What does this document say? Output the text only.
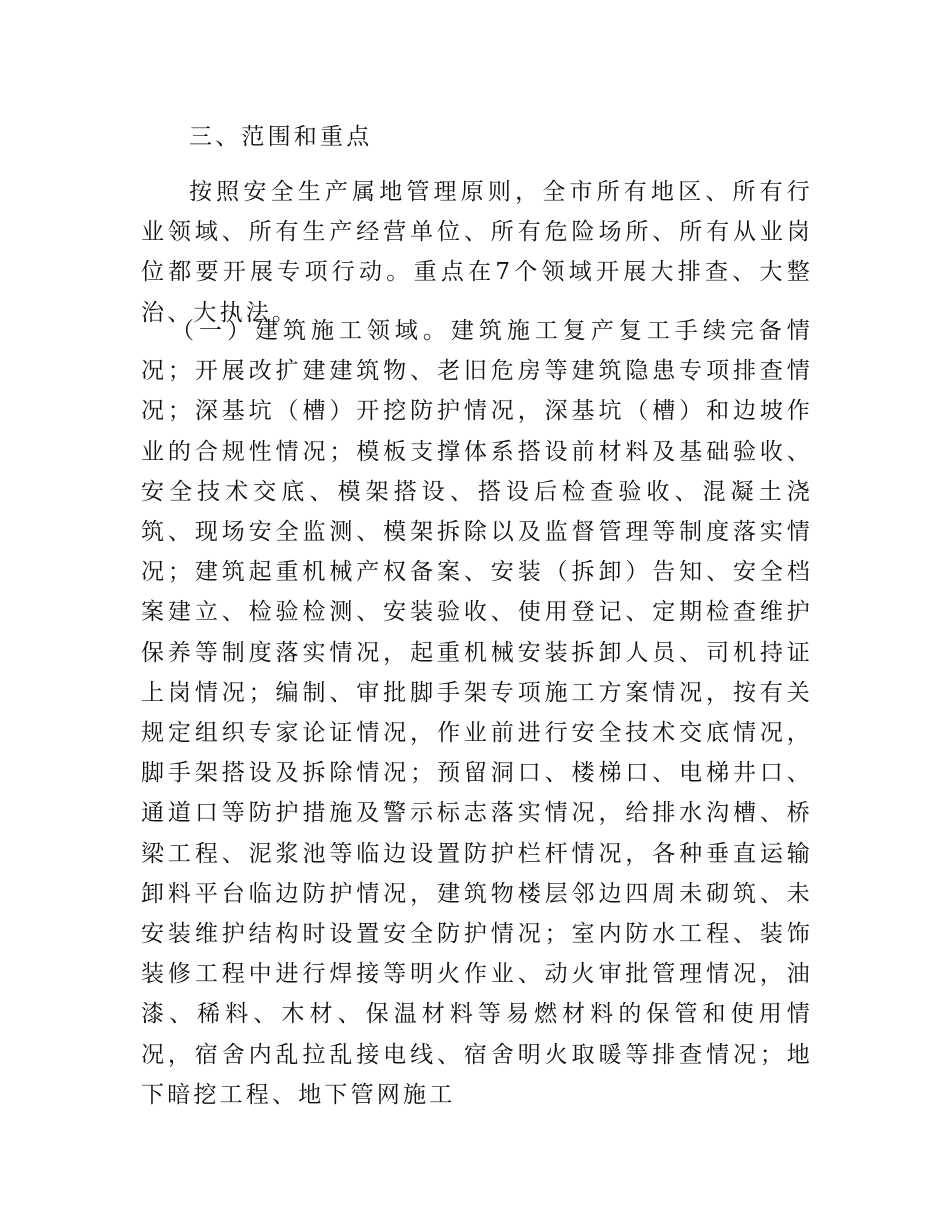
三、范围和重点

按照安全生产属地管理原则，全市所有地区、所有行业领域、所有生产经营单位、所有危险场所、所有从业岗位都要开展专项行动。重点在7个领域开展大排查、大整治、大执法。

（一）建筑施工领域。建筑施工复产复工手续完备情况；开展改扩建建筑物、老旧危房等建筑隐患专项排查情况；深基坑（槽）开挖防护情况，深基坑（槽）和边坡作业的合规性情况；模板支撑体系搭设前材料及基础验收、安全技术交底、模架搭设、搭设后检查验收、混凝土浇筑、现场安全监测、模架拆除以及监督管理等制度落实情况；建筑起重机械产权备案、安装（拆卸）告知、安全档案建立、检验检测、安装验收、使用登记、定期检查维护保养等制度落实情况，起重机械安装拆卸人员、司机持证上岗情况；编制、审批脚手架专项施工方案情况，按有关规定组织专家论证情况，作业前进行安全技术交底情况，脚手架搭设及拆除情况；预留洞口、楼梯口、电梯井口、通道口等防护措施及警示标志落实情况，给排水沟槽、桥梁工程、泥浆池等临边设置防护栏杆情况，各种垂直运输卸料平台临边防护情况，建筑物楼层邻边四周未砌筑、未安装维护结构时设置安全防护情况；室内防水工程、装饰装修工程中进行焊接等明火作业、动火审批管理情况，油漆、稀料、木材、保温材料等易燃材料的保管和使用情况，宿舍内乱拉乱接电线、宿舍明火取暖等排查情况；地下暗挖工程、地下管网施工
